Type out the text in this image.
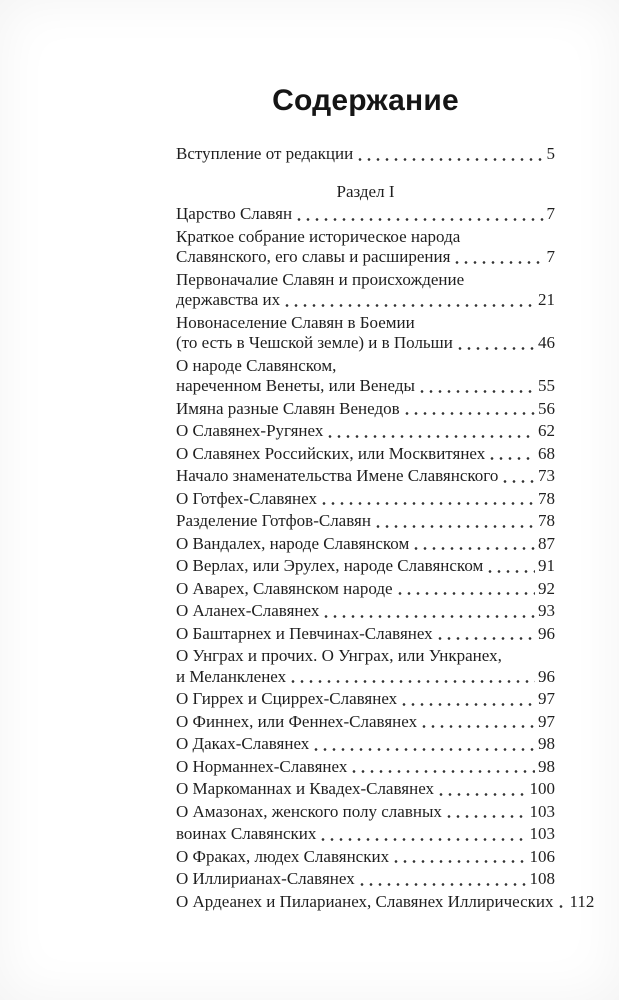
Содержание
Вступление от редакции	5
Раздел I
Царство Славян	7
Краткое собрание историческое народа
Славянского, его славы и расширения	7
Первоначалие Славян и происхождение
державства их	21
Новонаселение Славян в Боемии
(то есть в Чешской земле) и в Польши	46
О народе Славянском,
нареченном Венеты, или Венеды	55
Имяна разные Славян Венедов	56
О Славянех-Ругянех	62
О Славянех Российских, или Москвитянех	68
Начало знаменательства Имене Славянского 73
О Готфех-Славянех	78
Разделение Готфов-Славян	78
О Вандалех, народе Славянском	87
О Верлах, или Эрулех, народе Славянском	91
О Аварех, Славянском народе	92
О Аланех-Славянех	93
О Баштарнех и Певчинах-Славянех	96
О Унграх и прочих. О Унграх, или Ункранех,
и Меланкленех	96
О Гиррех и Сциррех-Славянех	97
О Финнех, или Феннех-Славянех	97
О Даках-Славянех	98
О Норманнех-Славянех	98
О Маркоманнах и Квадех-Славянех	100
О Амазонах, женского полу славных	103
воинах Славянских	103
О Фраках, людех Славянских	106
О Иллирианах-Славянех	108
О Ардеанех и Пиларианех, Славянех Иллирических 112
